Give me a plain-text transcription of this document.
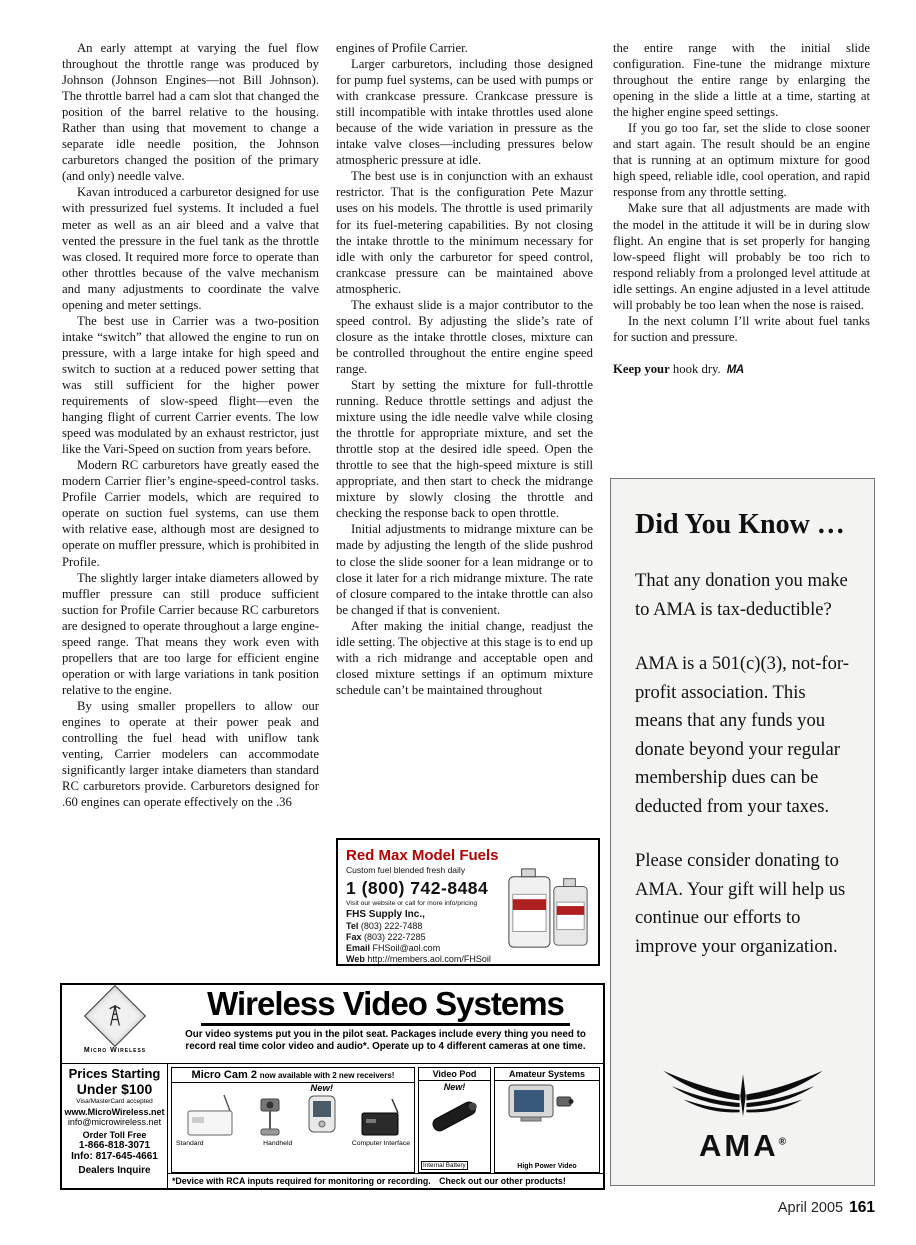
An early attempt at varying the fuel flow throughout the throttle range was produced by Johnson (Johnson Engines—not Bill Johnson). The throttle barrel had a cam slot that changed the position of the barrel relative to the housing. Rather than using that movement to change a separate idle needle position, the Johnson carburetors changed the position of the primary (and only) needle valve.

Kavan introduced a carburetor designed for use with pressurized fuel systems. It included a fuel meter as well as an air bleed and a valve that vented the pressure in the fuel tank as the throttle was closed. It required more force to operate than other throttles because of the valve mechanism and many adjustments to coordinate the valve opening and meter settings.

The best use in Carrier was a two-position intake “switch” that allowed the engine to run on pressure, with a large intake for high speed and switch to suction at a reduced power setting that was still sufficient for the higher power requirements of slow-speed flight—even the hanging flight of current Carrier events. The low speed was modulated by an exhaust restrictor, just like the Vari-Speed on suction from years before.

Modern RC carburetors have greatly eased the modern Carrier flier’s engine-speed-control tasks. Profile Carrier models, which are required to operate on suction fuel systems, can use them with relative ease, although most are designed to operate on muffler pressure, which is prohibited in Profile.

The slightly larger intake diameters allowed by muffler pressure can still produce sufficient suction for Profile Carrier because RC carburetors are designed to operate throughout a large engine-speed range. That means they work even with propellers that are too large for efficient engine operation or with large variations in tank position relative to the engine.

By using smaller propellers to allow our engines to operate at their power peak and controlling the fuel head with uniflow tank venting, Carrier modelers can accommodate significantly larger intake diameters than standard RC carburetors provide. Carburetors designed for .60 engines can operate effectively on the .36

engines of Profile Carrier.

Larger carburetors, including those designed for pump fuel systems, can be used with pumps or with crankcase pressure. Crankcase pressure is still incompatible with intake throttles used alone because of the wide variation in pressure as the intake valve closes—including pressures below atmospheric pressure at idle.

The best use is in conjunction with an exhaust restrictor. That is the configuration Pete Mazur uses on his models. The throttle is used primarily for its fuel-metering capabilities. By not closing the intake throttle to the minimum necessary for idle with only the carburetor for speed control, crankcase pressure can be maintained above atmospheric.

The exhaust slide is a major contributor to the speed control. By adjusting the slide’s rate of closure as the intake throttle closes, mixture can be controlled throughout the entire engine speed range.

Start by setting the mixture for full-throttle running. Reduce throttle settings and adjust the mixture using the idle needle valve while closing the throttle for appropriate mixture, and set the throttle stop at the desired idle speed. Open the throttle to see that the high-speed mixture is still appropriate, and then start to check the midrange mixture by slowly closing the throttle and checking the response back to open throttle.

Initial adjustments to midrange mixture can be made by adjusting the length of the slide pushrod to close the slide sooner for a lean midrange or to close it later for a rich midrange mixture. The rate of closure compared to the intake throttle can also be changed if that is convenient.

After making the initial change, readjust the idle setting. The objective at this stage is to end up with a rich midrange and acceptable open and closed mixture settings if an optimum mixture schedule can’t be maintained throughout

the entire range with the initial slide configuration. Fine-tune the midrange mixture throughout the entire range by enlarging the opening in the slide a little at a time, starting at the higher engine speed settings.

If you go too far, set the slide to close sooner and start again. The result should be an engine that is running at an optimum mixture for good high speed, reliable idle, cool operation, and rapid response from any throttle setting.

Make sure that all adjustments are made with the model in the attitude it will be in during slow flight. An engine that is set properly for hanging low-speed flight will probably be too rich to respond reliably from a prolonged level attitude at idle settings. An engine adjusted in a level attitude will probably be too lean when the nose is raised.

In the next column I’ll write about fuel tanks for suction and pressure.

Keep your hook dry. MA
Did You Know …

That any donation you make to AMA is tax-deductible?

AMA is a 501(c)(3), not-for-profit association. This means that any funds you donate beyond your regular membership dues can be deducted from your taxes.

Please consider donating to AMA. Your gift will help us continue our efforts to improve your organization.

AMA®
Red Max Model Fuels
Custom fuel blended fresh daily
1 (800) 742-8484
Visit our website or call for more info/pricing
FHS Supply Inc.,
Tel (803) 222-7488
Fax (803) 222-7285
Email FHSoil@aol.com
Web http://members.aol.com/FHSoil
Micro Wireless
Wireless Video Systems
Our video systems put you in the pilot seat. Packages include every thing you need to
record real time color video and audio*. Operate up to 4 different cameras at one time.
Prices Starting
Under $100
Visa/MasterCard accepted
www.MicroWireless.net
info@microwireless.net
Order Toll Free
1-866-818-3071
Info: 817-645-4661
Dealers Inquire
Micro Cam 2 now available with 2 new receivers!
New!
Standard	Handheld	Computer Interface
Video Pod
New!
Internal Battery
Amateur Systems
High Power Video
*Device with RCA inputs required for monitoring or recording. Check out our other products!
April 2005 161
